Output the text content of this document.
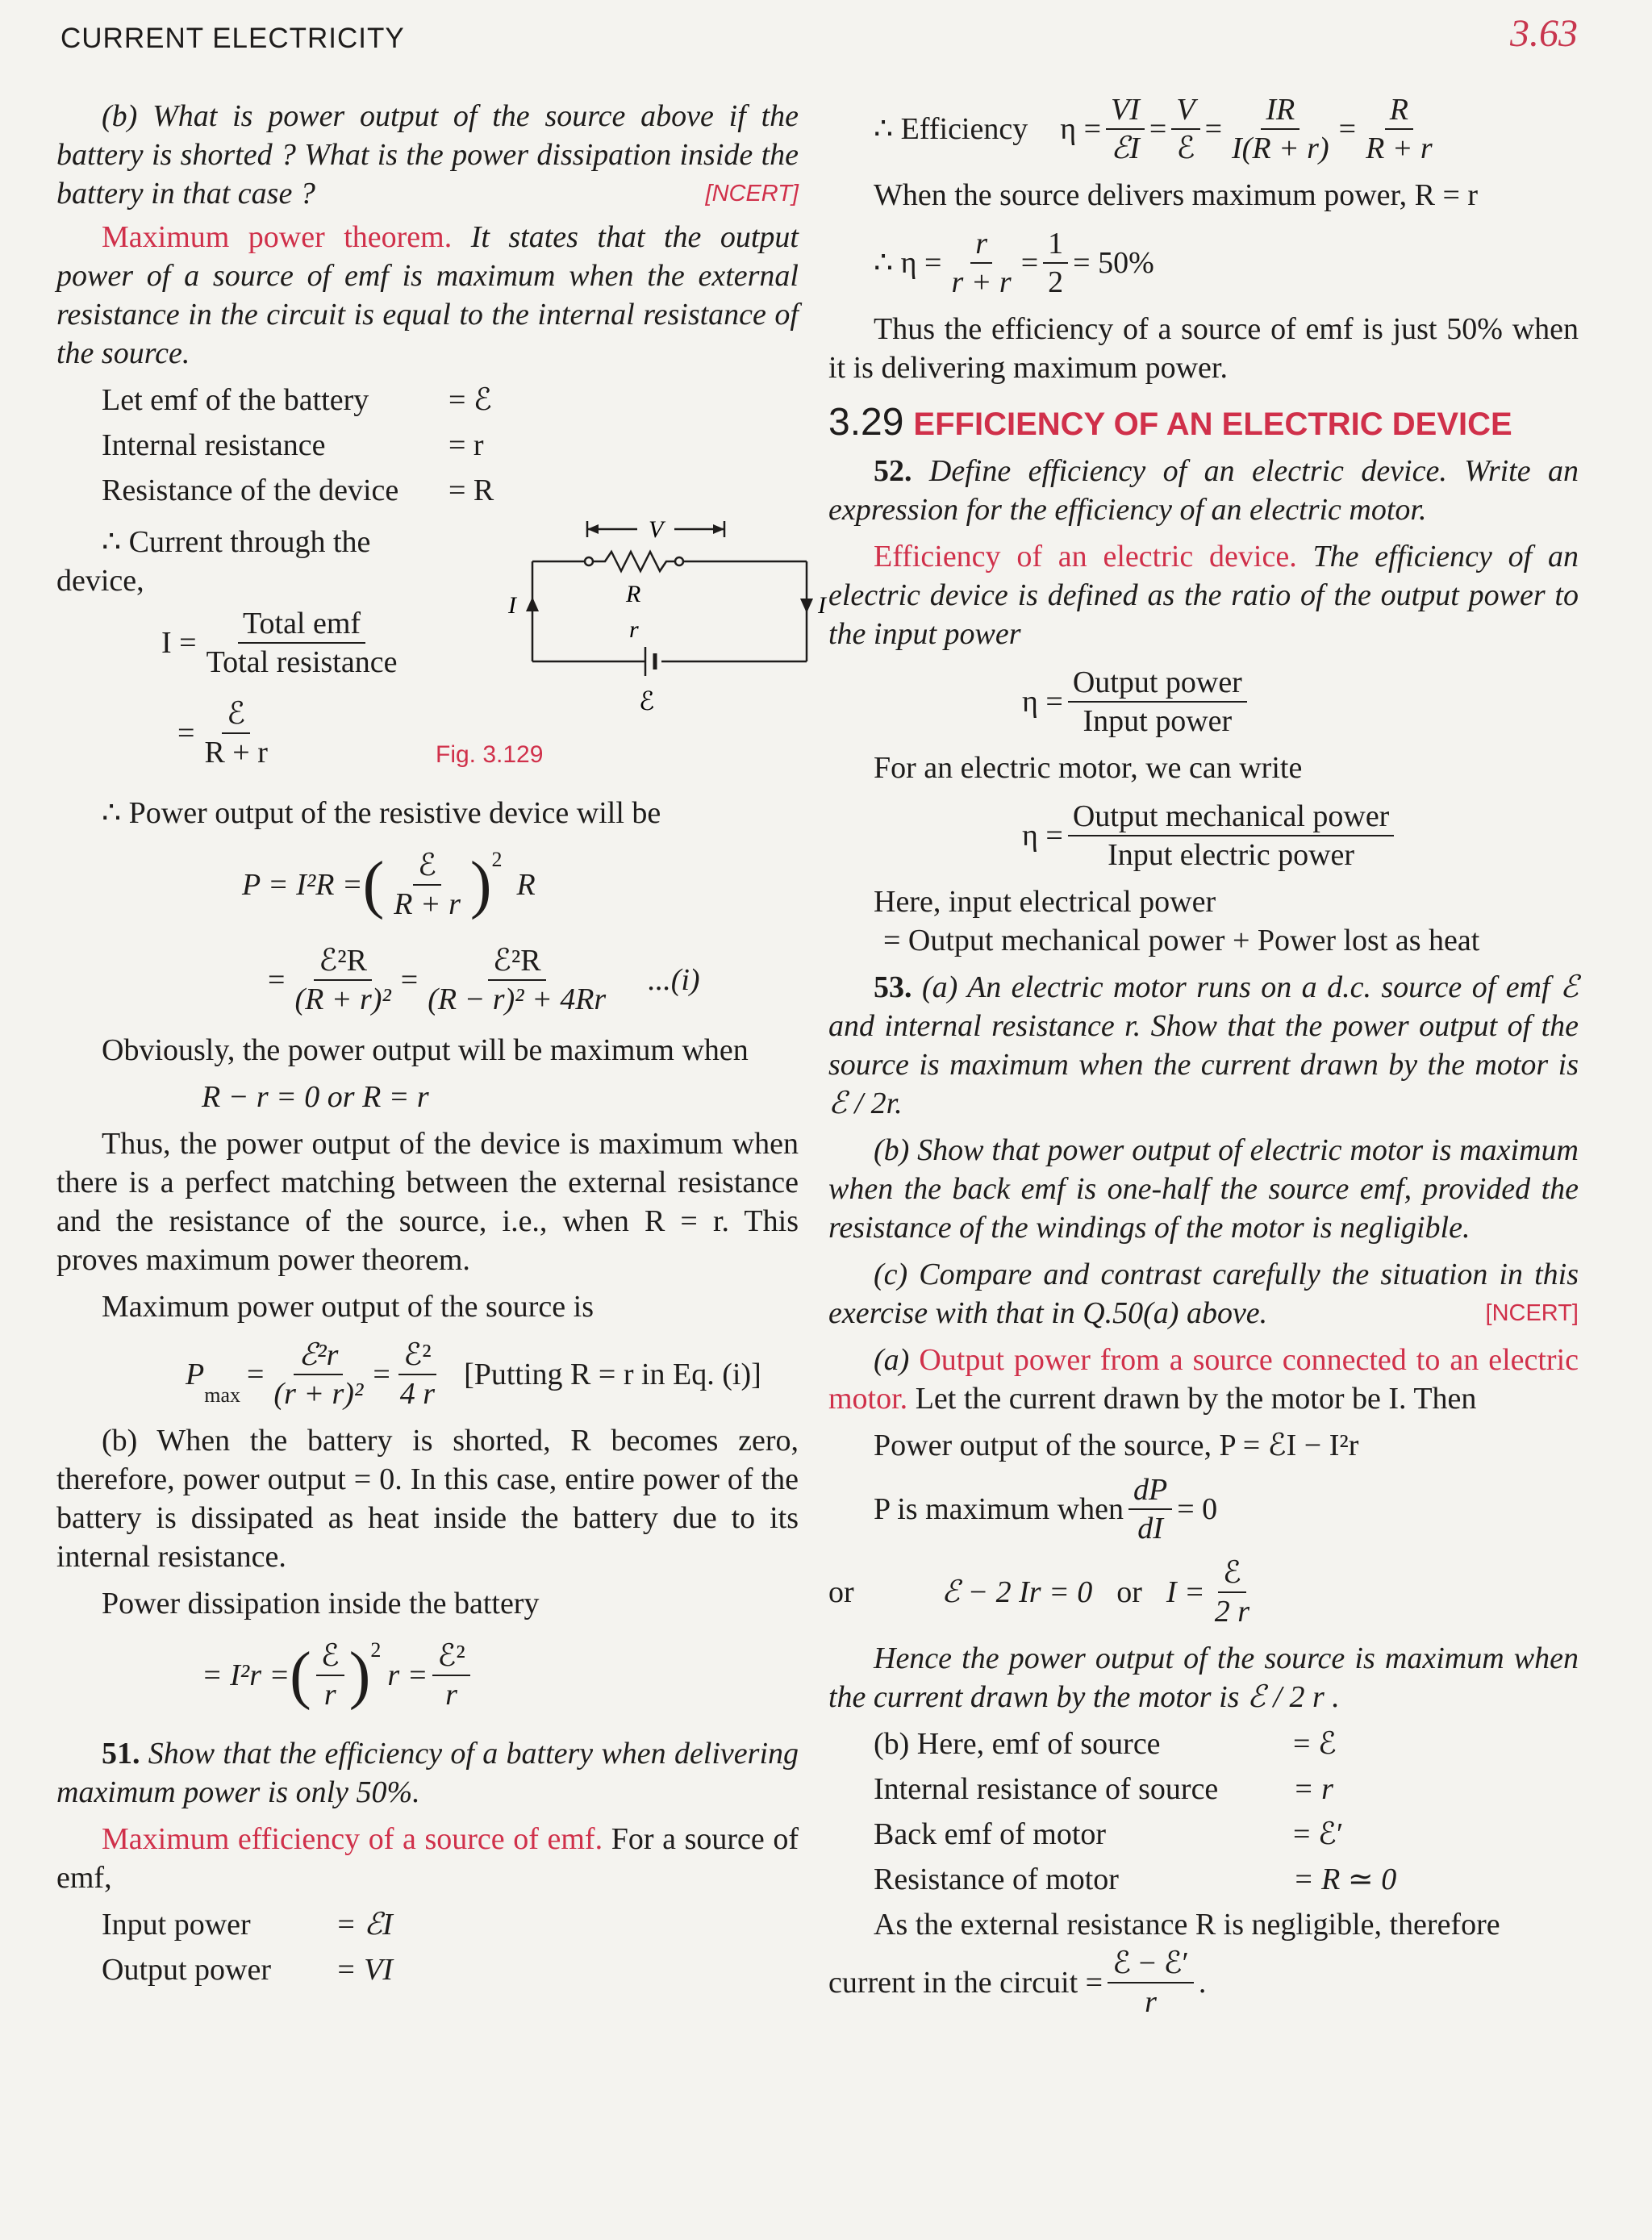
CURRENT ELECTRICITY	3.63

(b) What is power output of the source above if the battery is shorted ? What is the power dissipation inside the battery in that case ?	[NCERT]

Maximum power theorem. It states that the output power of a source of emf is maximum when the external resistance in the circuit is equal to the internal resistance of the source.

Let emf of the battery	= ℰ
Internal resistance	= r
Resistance of the device	= R
∴ Current through the
device,
I =
Total emf
Total resistance
=
ℰ
R + r
V
R
r
ℰ
I	I
Fig. 3.129

∴ Power output of the resistive device will be

P = I²R = ( ℰ
R + r )$^2$
R
=
ℰ²R
(R + r)²
=
ℰ²R
(R − r)² + 4Rr
...(i)

Obviously, the power output will be maximum when

R − r = 0 or R = r

Thus, the power output of the device is maximum when there is a perfect matching between the external resistance and the resistance of the source, i.e., when R = r. This proves maximum power theorem.

Maximum power output of the source is

P
$_{max}$
=
ℰ²r
(r + r)²
=
ℰ²
4 r
[Putting R = r in Eq. (i)]

(b) When the battery is shorted, R becomes zero, therefore, power output = 0. In this case, entire power of the battery is dissipated as heat inside the battery due to its internal resistance.

Power dissipation inside the battery

= I²r = ( ℰ
r )$^2$
r =
ℰ²
r

51. Show that the efficiency of a battery when delivering maximum power is only 50%.

Maximum efficiency of a source of emf. For a source of emf,

Input power	= ℰI
Output power	= VI
∴ Efficiency η =
VI
ℰI
=
V
ℰ
=
IR
I(R + r)
=
R
R + r

When the source delivers maximum power, R = r

∴ $\eta = \frac{r}{r + r} = \frac{1}{2} = 50\%$

Thus the efficiency of a source of emf is just 50% when it is delivering maximum power.

3.29 EFFICIENCY OF AN ELECTRIC DEVICE

52. Define efficiency of an electric device. Write an expression for the efficiency of an electric motor.

Efficiency of an electric device. The efficiency of an electric device is defined as the ratio of the output power to the input power

η =
Output power
Input power

For an electric motor, we can write

η =
Output mechanical power
Input electric power

Here, input electrical power

= Output mechanical power + Power lost as heat

53. (a) An electric motor runs on a d.c. source of emf ℰ and internal resistance r. Show that the power output of the source is maximum when the current drawn by the motor is ℰ / 2r.

(b) Show that power output of electric motor is maximum when the back emf is one-half the source emf, provided the resistance of the windings of the motor is negligible.

(c) Compare and contrast carefully the situation in this exercise with that in Q.50(a) above.	[NCERT]

(a) Output power from a source connected to an electric motor. Let the current drawn by the motor be I. Then

Power output of the source, P = ℰI − I²r

P is maximum when $\frac{dP}{dI} = 0$
or	ℰ − 2 Ir = 0 or I =
ℰ
2 r

Hence the power output of the source is maximum when the current drawn by the motor is ℰ / 2 r .

(b) Here, emf of source	= ℰ
Internal resistance of source	= r
Back emf of motor	= ℰ′
Resistance of motor	= R ≃ 0

As the external resistance R is negligible, therefore

current in the circuit =
ℰ − ℰ′
r
.
